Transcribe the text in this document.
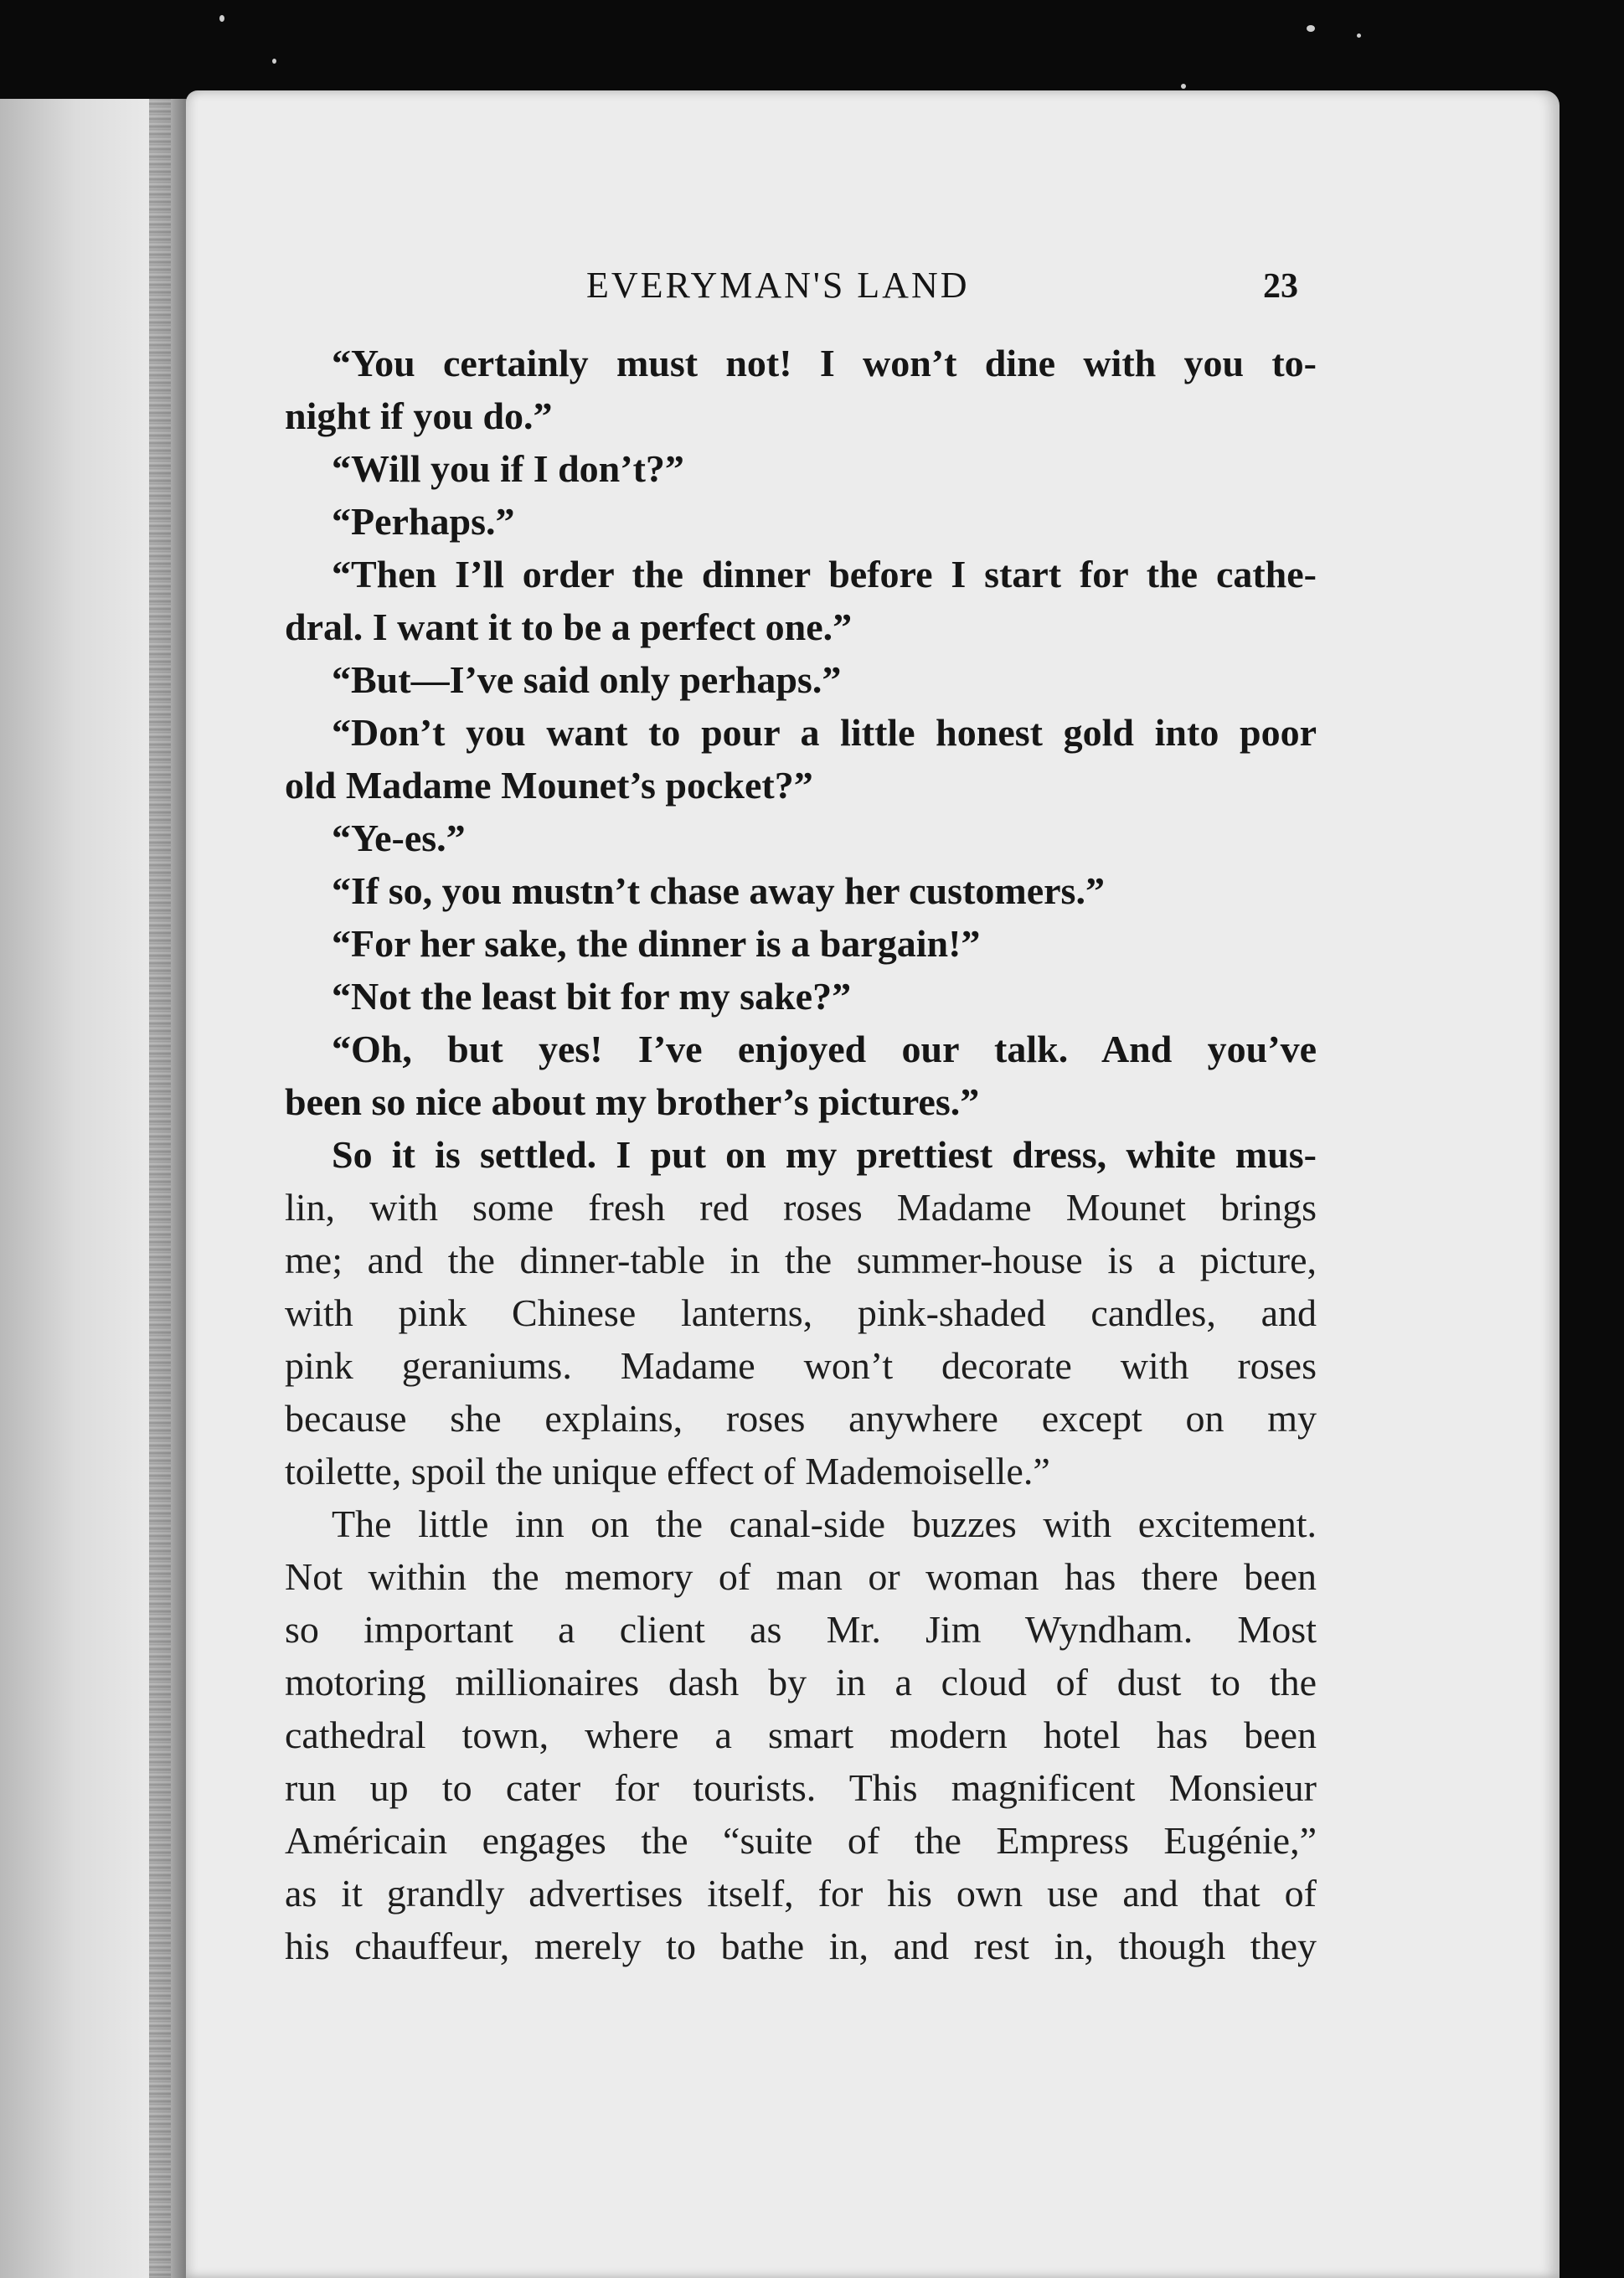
EVERYMAN'S LAND	23
“You certainly must not! I won’t dine with you to-
night if you do.”
“Will you if I don’t?”
“Perhaps.”
“Then I’ll order the dinner before I start for the cathe-
dral. I want it to be a perfect one.”
“But—I’ve said only perhaps.”
“Don’t you want to pour a little honest gold into poor
old Madame Mounet’s pocket?”
“Ye-es.”
“If so, you mustn’t chase away her customers.”
“For her sake, the dinner is a bargain!”
“Not the least bit for my sake?”
“Oh, but yes! I’ve enjoyed our talk. And you’ve
been so nice about my brother’s pictures.”
So it is settled. I put on my prettiest dress, white mus-
lin, with some fresh red roses Madame Mounet brings
me; and the dinner-table in the summer-house is a picture,
with pink Chinese lanterns, pink-shaded candles, and
pink geraniums. Madame won’t decorate with roses
because she explains, roses anywhere except on my
toilette, spoil the unique effect of Mademoiselle.”
The little inn on the canal-side buzzes with excitement.
Not within the memory of man or woman has there been
so important a client as Mr. Jim Wyndham. Most
motoring millionaires dash by in a cloud of dust to the
cathedral town, where a smart modern hotel has been
run up to cater for tourists. This magnificent Monsieur
Américain engages the “suite of the Empress Eugénie,”
as it grandly advertises itself, for his own use and that of
his chauffeur, merely to bathe in, and rest in, though they
